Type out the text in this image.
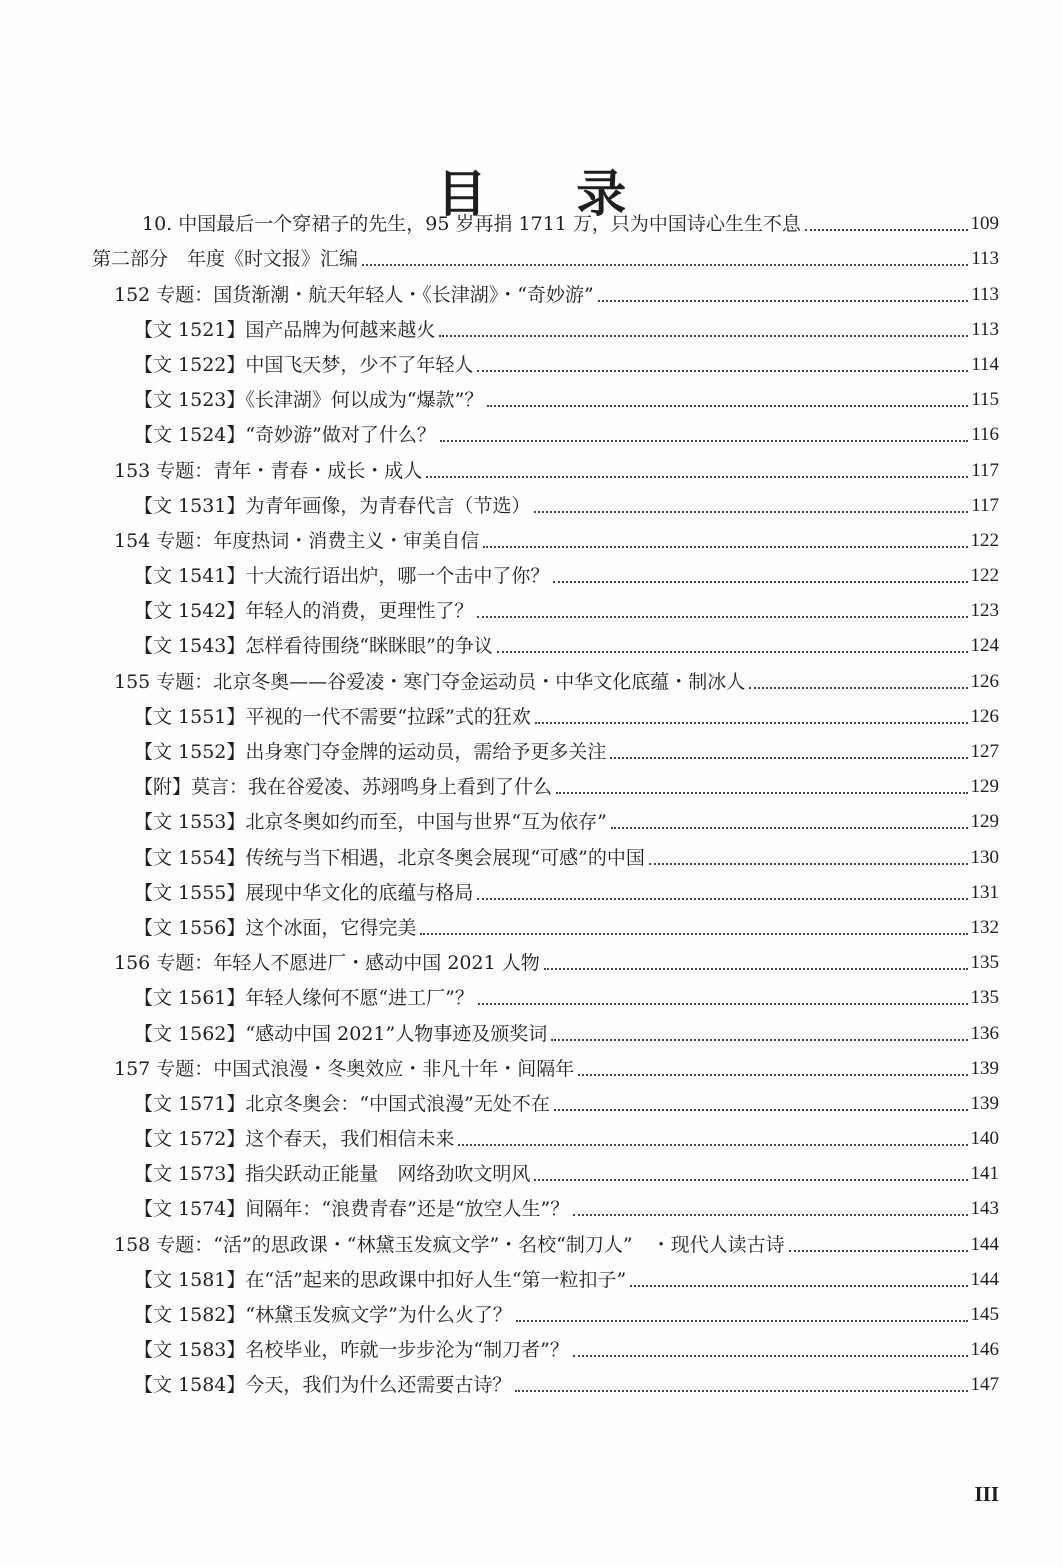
目 录
10. 中国最后一个穿裙子的先生，95 岁再捐 1711 万，只为中国诗心生生不息	109
第二部分　年度《时文报》汇编	113
152 专题：国货渐潮・航天年轻人・《长津湖》・“奇妙游”	113
【文 1521】国产品牌为何越来越火	113
【文 1522】中国飞天梦，少不了年轻人	114
【文 1523】《长津湖》何以成为“爆款”？	115
【文 1524】“奇妙游”做对了什么？	116
153 专题：青年・青春・成长・成人	117
【文 1531】为青年画像，为青春代言（节选）	117
154 专题：年度热词・消费主义・审美自信	122
【文 1541】十大流行语出炉，哪一个击中了你？	122
【文 1542】年轻人的消费，更理性了？	123
【文 1543】怎样看待围绕“眯眯眼”的争议	124
155 专题：北京冬奥——谷爱凌・寒门夺金运动员・中华文化底蕴・制冰人	126
【文 1551】平视的一代不需要“拉踩”式的狂欢	126
【文 1552】出身寒门夺金牌的运动员，需给予更多关注	127
【附】莫言：我在谷爱凌、苏翊鸣身上看到了什么	129
【文 1553】北京冬奥如约而至，中国与世界“互为依存”	129
【文 1554】传统与当下相遇，北京冬奥会展现“可感”的中国	130
【文 1555】展现中华文化的底蕴与格局	131
【文 1556】这个冰面，它得完美	132
156 专题：年轻人不愿进厂・感动中国 2021 人物	135
【文 1561】年轻人缘何不愿“进工厂”？	135
【文 1562】“感动中国 2021”人物事迹及颁奖词	136
157 专题：中国式浪漫・冬奥效应・非凡十年・间隔年	139
【文 1571】北京冬奥会：“中国式浪漫”无处不在	139
【文 1572】这个春天，我们相信未来	140
【文 1573】指尖跃动正能量　网络劲吹文明风	141
【文 1574】间隔年：“浪费青春”还是“放空人生”？	143
158 专题：“活”的思政课・“林黛玉发疯文学”・名校“制刀人”　・现代人读古诗	144
【文 1581】在“活”起来的思政课中扣好人生“第一粒扣子”	144
【文 1582】“林黛玉发疯文学”为什么火了？	145
【文 1583】名校毕业，咋就一步步沦为“制刀者”？	146
【文 1584】今天，我们为什么还需要古诗？	147
III
